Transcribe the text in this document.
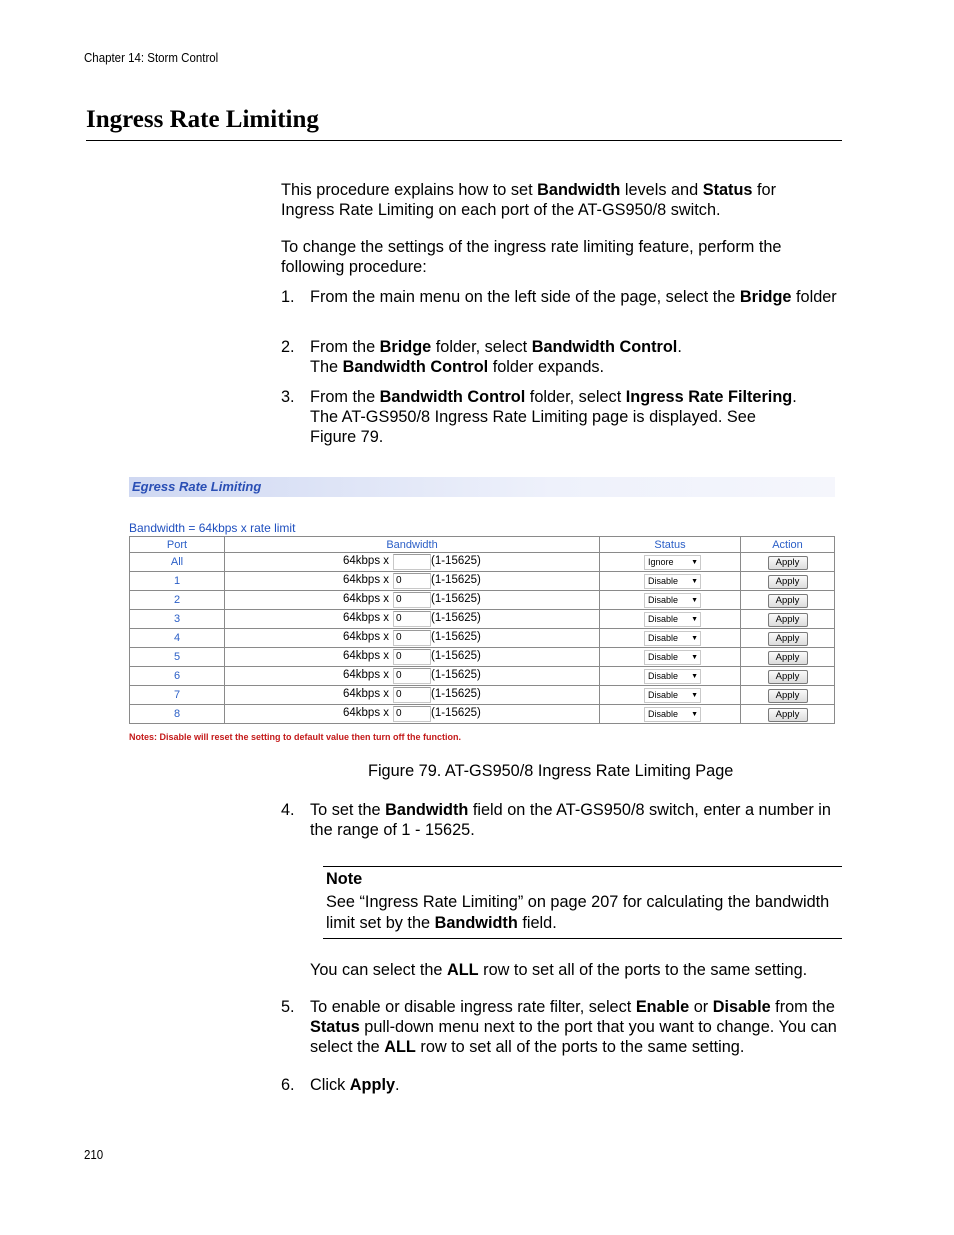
Chapter 14: Storm Control
Ingress Rate Limiting
This procedure explains how to set Bandwidth levels and Status for Ingress Rate Limiting on each port of the AT-GS950/8 switch.
To change the settings of the ingress rate limiting feature, perform the following procedure:
1. From the main menu on the left side of the page, select the Bridge folder
2. From the Bridge folder, select Bandwidth Control.
The Bandwidth Control folder expands.
3. From the Bandwidth Control folder, select Ingress Rate Filtering.
The AT-GS950/8 Ingress Rate Limiting page is displayed. See Figure 79.
Egress Rate Limiting
Bandwidth = 64kbps x rate limit
Port	Bandwidth	Status	Action
All	64kbps x (1-15625)	Ignore ▼	Apply
1	64kbps x 0 (1-15625)	Disable ▼	Apply
2	64kbps x 0 (1-15625)	Disable ▼	Apply
3	64kbps x 0 (1-15625)	Disable ▼	Apply
4	64kbps x 0 (1-15625)	Disable ▼	Apply
5	64kbps x 0 (1-15625)	Disable ▼	Apply
6	64kbps x 0 (1-15625)	Disable ▼	Apply
7	64kbps x 0 (1-15625)	Disable ▼	Apply
8	64kbps x 0 (1-15625)	Disable ▼	Apply
Notes: Disable will reset the setting to default value then turn off the function.
Figure 79. AT-GS950/8 Ingress Rate Limiting Page
4. To set the Bandwidth field on the AT-GS950/8 switch, enter a number in the range of 1 - 15625.
Note
See “Ingress Rate Limiting” on page 207 for calculating the bandwidth limit set by the Bandwidth field.
You can select the ALL row to set all of the ports to the same setting.
5. To enable or disable ingress rate filter, select Enable or Disable from the Status pull-down menu next to the port that you want to change. You can select the ALL row to set all of the ports to the same setting.
6. Click Apply.
210
